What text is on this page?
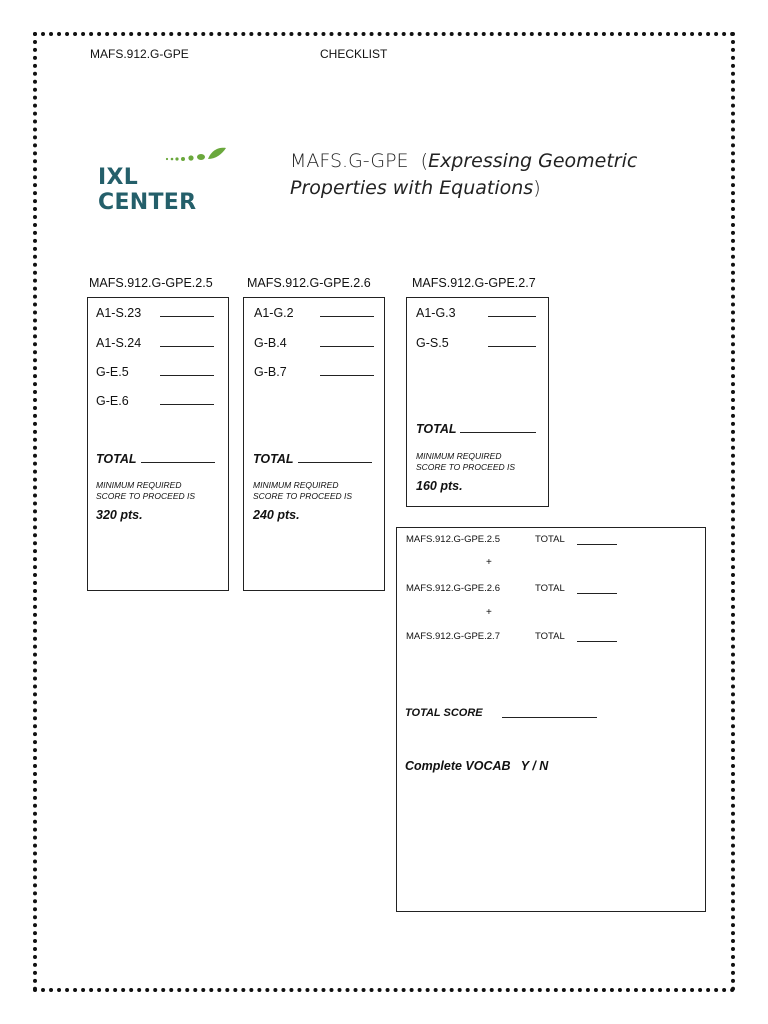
MAFS.912.G-GPE	CHECKLIST
IXL CENTER
MAFS.G-GPE (Expressing Geometric
Properties with Equations)
MAFS.912.G-GPE.2.5	MAFS.912.G-GPE.2.6	MAFS.912.G-GPE.2.7
A1-S.23
A1-S.24
G-E.5
G-E.6
TOTAL
MINIMUM REQUIRED
SCORE TO PROCEED IS
320 pts.
A1-G.2
G-B.4
G-B.7
TOTAL
MINIMUM REQUIRED
SCORE TO PROCEED IS
240 pts.
A1-G.3
G-S.5
TOTAL
MINIMUM REQUIRED
SCORE TO PROCEED IS
160 pts.
MAFS.912.G-GPE.2.5	TOTAL
+
MAFS.912.G-GPE.2.6	TOTAL
+
MAFS.912.G-GPE.2.7	TOTAL
TOTAL SCORE
Complete VOCAB Y / N
